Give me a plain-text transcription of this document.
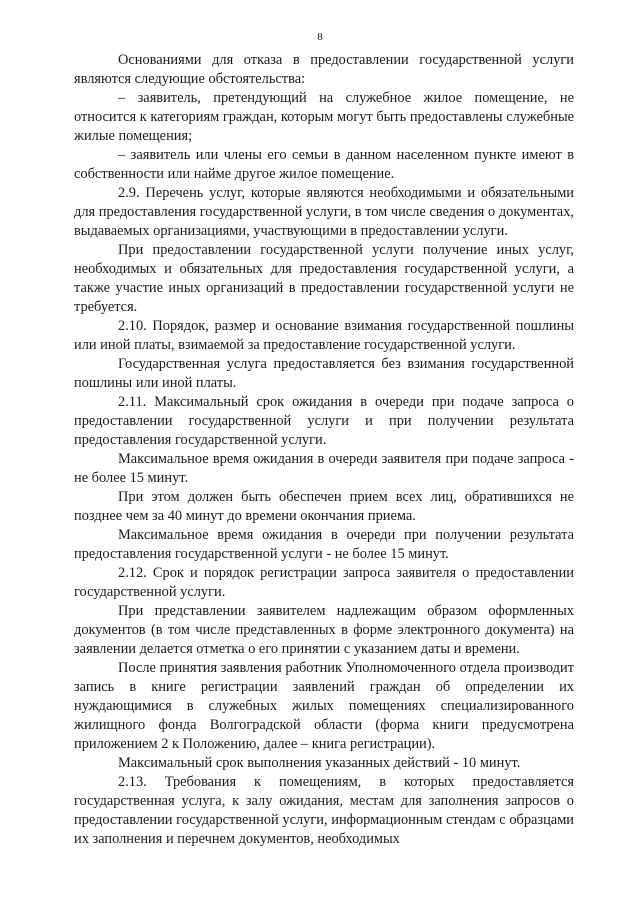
8

Основаниями для отказа в предоставлении государственной услуги являются следующие обстоятельства:

– заявитель, претендующий на служебное жилое помещение, не относится к категориям граждан, которым могут быть предоставлены служебные жилые помещения;

– заявитель или члены его семьи в данном населенном пункте имеют в собственности или найме другое жилое помещение.

2.9. Перечень услуг, которые являются необходимыми и обязательными для предоставления государственной услуги, в том числе сведения о документах, выдаваемых организациями, участвующими в предоставлении услуги.

При предоставлении государственной услуги получение иных услуг, необходимых и обязательных для предоставления государственной услуги, а также участие иных организаций в предоставлении государственной услуги не требуется.

2.10. Порядок, размер и основание взимания государственной пошлины или иной платы, взимаемой за предоставление государственной услуги.

Государственная услуга предоставляется без взимания государственной пошлины или иной платы.

2.11. Максимальный срок ожидания в очереди при подаче запроса о предоставлении государственной услуги и при получении результата предоставления государственной услуги.

Максимальное время ожидания в очереди заявителя при подаче запроса - не более 15 минут.

При этом должен быть обеспечен прием всех лиц, обратившихся не позднее чем за 40 минут до времени окончания приема.

Максимальное время ожидания в очереди при получении результата предоставления государственной услуги - не более 15 минут.

2.12. Срок и порядок регистрации запроса заявителя о предоставлении государственной услуги.

При представлении заявителем надлежащим образом оформленных документов (в том числе представленных в форме электронного документа) на заявлении делается отметка о его принятии с указанием даты и времени.

После принятия заявления работник Уполномоченного отдела производит запись в книге регистрации заявлений граждан об определении их нуждающимися в служебных жилых помещениях специализированного жилищного фонда Волгоградской области (форма книги предусмотрена приложением 2 к Положению, далее – книга регистрации).

Максимальный срок выполнения указанных действий - 10 минут.

2.13. Требования к помещениям, в которых предоставляется государственная услуга, к залу ожидания, местам для заполнения запросов о предоставлении государственной услуги, информационным стендам с образцами их заполнения и перечнем документов, необходимых
